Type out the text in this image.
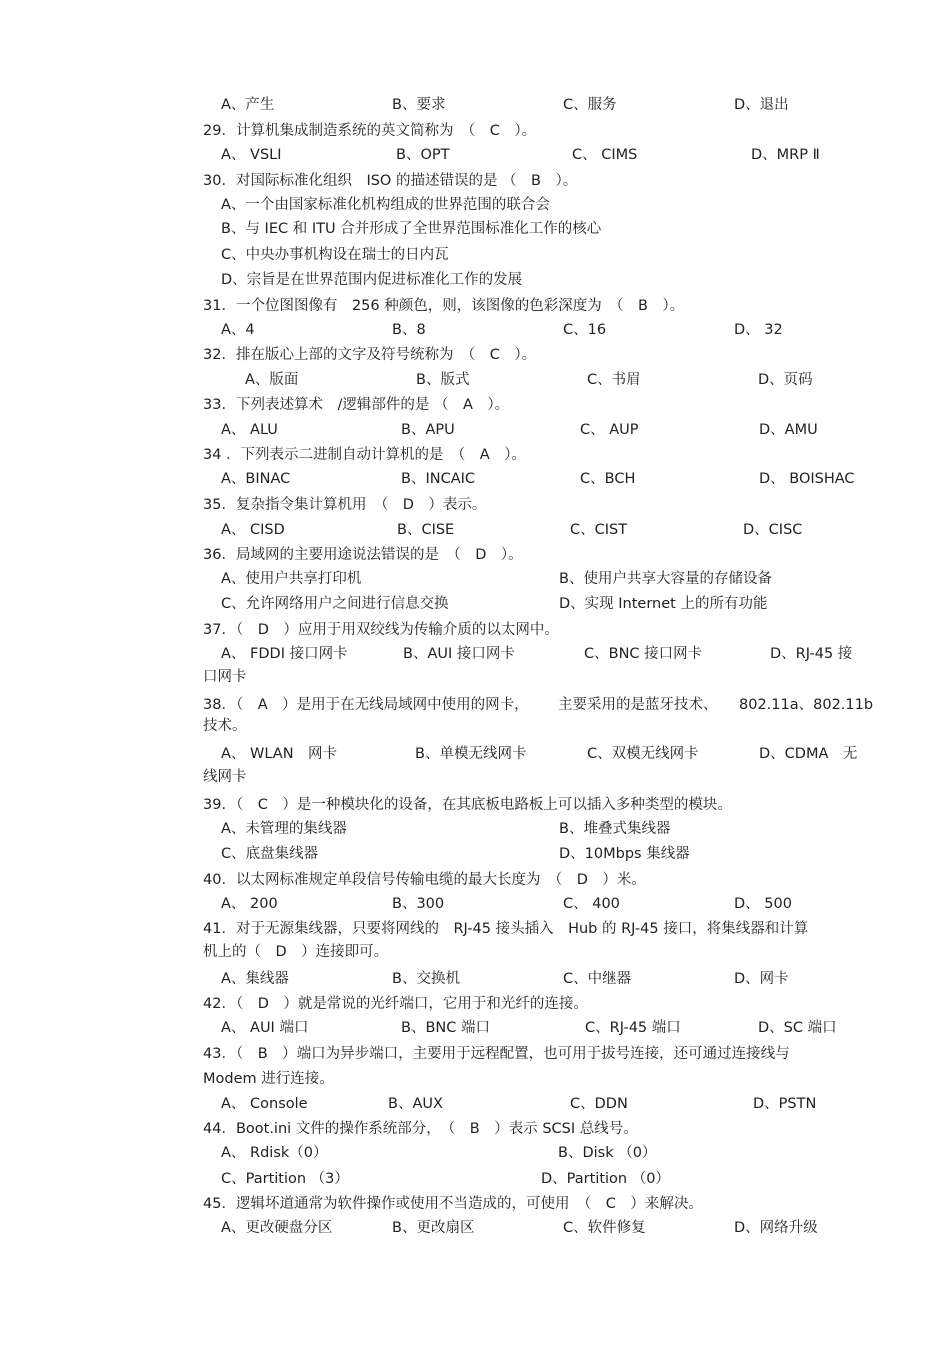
A、产生	B、要求	C、服务	D、退出
29．计算机集成制造系统的英文简称为　（　C　）。
A、 VSLI	B、OPT	C、 CIMS	D、MRP Ⅱ
30．对国际标准化组织　ISO 的描述错误的是 （　B　）。
A、一个由国家标准化机构组成的世界范围的联合会
B、与 IEC 和 ITU 合并形成了全世界范围标准化工作的核心
C、中央办事机构设在瑞士的日内瓦
D、宗旨是在世界范围内促进标准化工作的发展
31．一个位图图像有　256 种颜色，则，该图像的色彩深度为　（　B　）。
A、4	B、8	C、16	D、 32
32．排在版心上部的文字及符号统称为　（　C　）。
A、版面	B、版式	C、书眉	D、页码
33．下列表述算术　/逻辑部件的是 （　A　）。
A、 ALU	B、APU	C、 AUP	D、AMU
34 ．下列表示二进制自动计算机的是　（　A　）。
A、BINAC	B、INCAIC	C、BCH	D、 BOISHAC
35．复杂指令集计算机用　（　D　）表示。
A、 CISD	B、CISE	C、CIST	D、CISC
36．局域网的主要用途说法错误的是　（　D　）。
A、使用户共享打印机	B、使用户共享大容量的存储设备
C、允许网络用户之间进行信息交换	D、实现 Internet 上的所有功能
37．（　D　）应用于用双绞线为传输介质的以太网中。
A、 FDDI 接口网卡	B、AUI 接口网卡	C、BNC 接口网卡	D、RJ-45 接
口网卡
38．（　A　）是用于在无线局域网中使用的网卡， 主要采用的是蓝牙技术、 802.11a、802.11b
技术。
A、 WLAN　网卡	B、单模无线网卡	C、双模无线网卡	D、CDMA　无
线网卡
39．（　C　）是一种模块化的设备，在其底板电路板上可以插入多种类型的模块。
A、未管理的集线器	B、堆叠式集线器
C、底盘集线器	D、10Mbps 集线器
40．以太网标准规定单段信号传输电缆的最大长度为　（　D　）米。
A、 200	B、300	C、 400	D、 500
41．对于无源集线器，只要将网线的　RJ-45 接头插入　Hub 的 RJ-45 接口，将集线器和计算
机上的（　D　）连接即可。
A、集线器	B、交换机	C、中继器	D、网卡
42．（　D　）就是常说的光纤端口，它用于和光纤的连接。
A、 AUI 端口	B、BNC 端口	C、RJ-45 端口	D、SC 端口
43．（　B　）端口为异步端口，主要用于远程配置，也可用于拔号连接，还可通过连接线与
Modem 进行连接。
A、 Console	B、AUX	C、DDN	D、PSTN
44．Boot.ini 文件的操作系统部分，　（　B　）表示 SCSI 总线号。
A、 Rdisk（0）	B、Disk （0）
C、Partition （3）	D、Partition （0）
45．逻辑坏道通常为软件操作或使用不当造成的，可使用　（　C　）来解决。
A、更改硬盘分区	B、更改扇区	C、软件修复	D、网络升级
